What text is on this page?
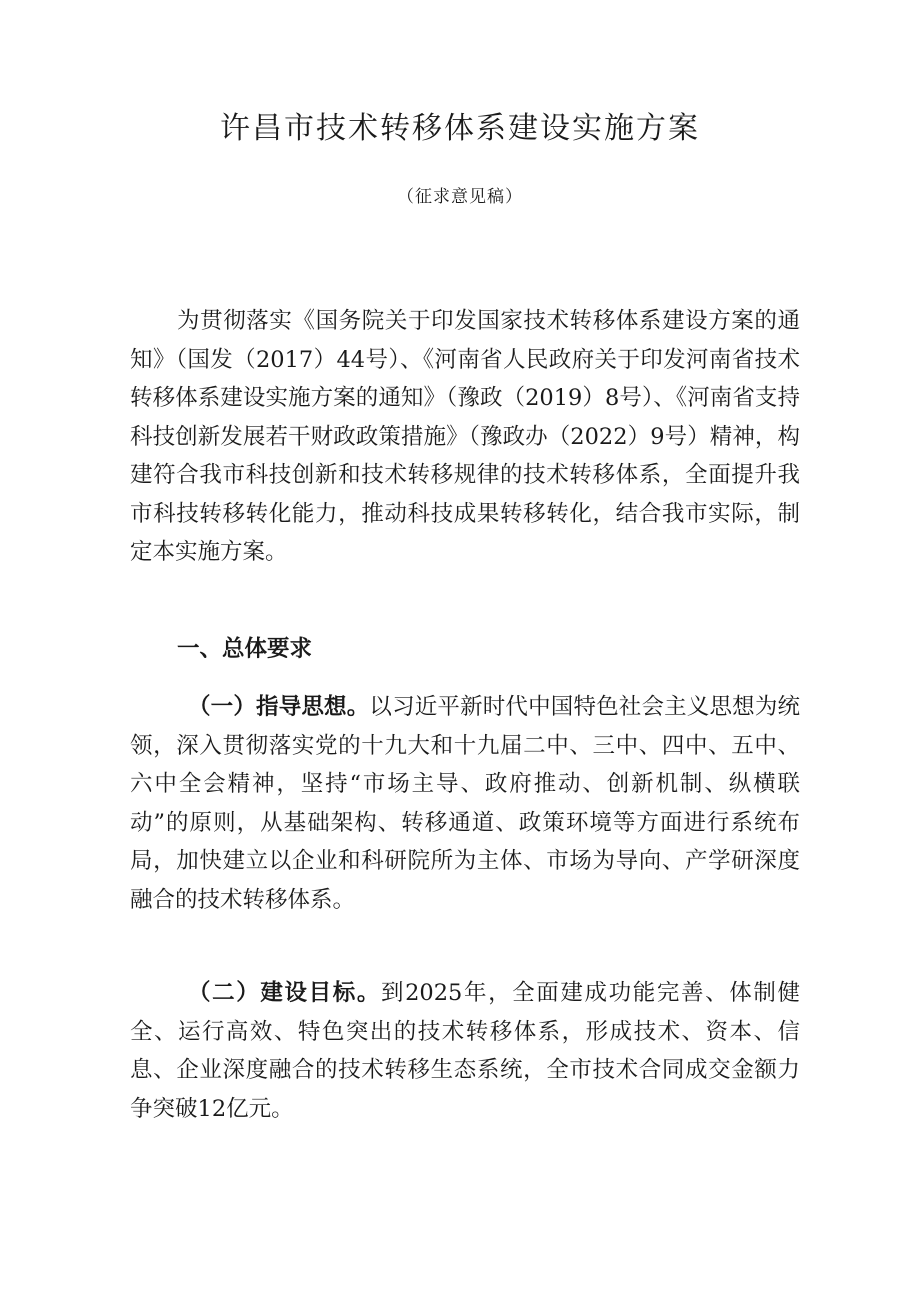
许昌市技术转移体系建设实施方案

（征求意见稿）

为贯彻落实《国务院关于印发国家技术转移体系建设方案的通知》（国发（2017）44号）、《河南省人民政府关于印发河南省技术转移体系建设实施方案的通知》（豫政（2019）8号）、《河南省支持科技创新发展若干财政政策措施》（豫政办（2022）9号）精神，构建符合我市科技创新和技术转移规律的技术转移体系，全面提升我市科技转移转化能力，推动科技成果转移转化，结合我市实际，制定本实施方案。

一、总体要求

（一）指导思想。以习近平新时代中国特色社会主义思想为统领，深入贯彻落实党的十九大和十九届二中、三中、四中、五中、六中全会精神，坚持“市场主导、政府推动、创新机制、纵横联动”的原则，从基础架构、转移通道、政策环境等方面进行系统布局，加快建立以企业和科研院所为主体、市场为导向、产学研深度融合的技术转移体系。

（二）建设目标。到2025年，全面建成功能完善、体制健全、运行高效、特色突出的技术转移体系，形成技术、资本、信息、企业深度融合的技术转移生态系统，全市技术合同成交金额力争突破12亿元。
